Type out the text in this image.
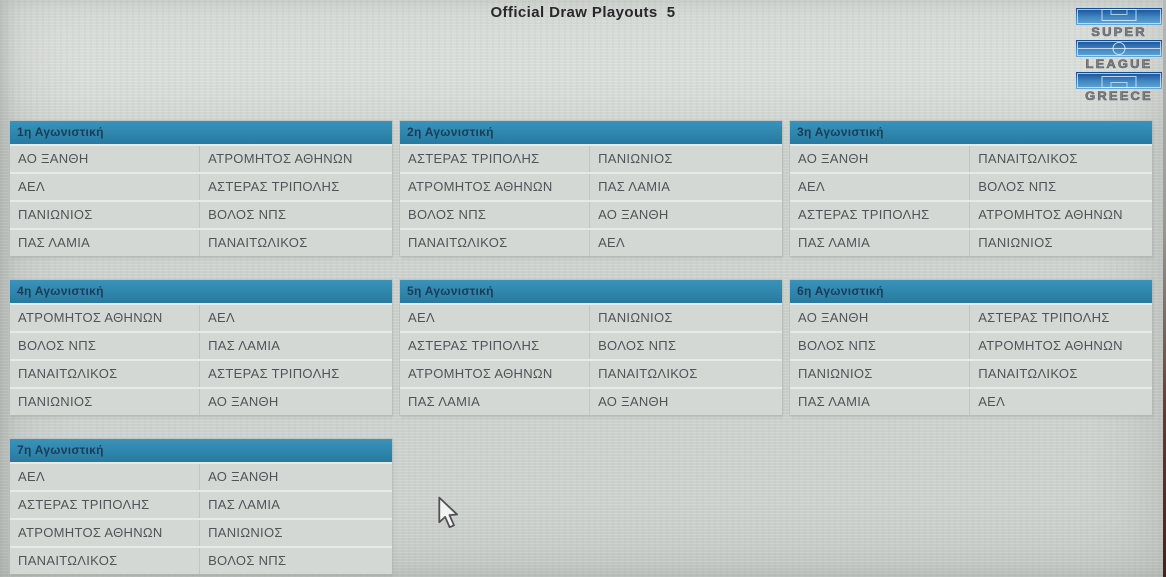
Official Draw Playouts  5
SUPER
LEAGUE
GREECE
1η Αγωνιστική
ΑΟ ΞΑΝΘΗ	ΑΤΡΟΜΗΤΟΣ ΑΘΗΝΩΝ
ΑΕΛ	ΑΣΤΕΡΑΣ ΤΡΙΠΟΛΗΣ
ΠΑΝΙΩΝΙΟΣ	ΒΟΛΟΣ ΝΠΣ
ΠΑΣ ΛΑΜΙΑ	ΠΑΝΑΙΤΩΛΙΚΟΣ
2η Αγωνιστική
ΑΣΤΕΡΑΣ ΤΡΙΠΟΛΗΣ	ΠΑΝΙΩΝΙΟΣ
ΑΤΡΟΜΗΤΟΣ ΑΘΗΝΩΝ	ΠΑΣ ΛΑΜΙΑ
ΒΟΛΟΣ ΝΠΣ	ΑΟ ΞΑΝΘΗ
ΠΑΝΑΙΤΩΛΙΚΟΣ	ΑΕΛ
3η Αγωνιστική
ΑΟ ΞΑΝΘΗ	ΠΑΝΑΙΤΩΛΙΚΟΣ
ΑΕΛ	ΒΟΛΟΣ ΝΠΣ
ΑΣΤΕΡΑΣ ΤΡΙΠΟΛΗΣ	ΑΤΡΟΜΗΤΟΣ ΑΘΗΝΩΝ
ΠΑΣ ΛΑΜΙΑ	ΠΑΝΙΩΝΙΟΣ
4η Αγωνιστική
ΑΤΡΟΜΗΤΟΣ ΑΘΗΝΩΝ	ΑΕΛ
ΒΟΛΟΣ ΝΠΣ	ΠΑΣ ΛΑΜΙΑ
ΠΑΝΑΙΤΩΛΙΚΟΣ	ΑΣΤΕΡΑΣ ΤΡΙΠΟΛΗΣ
ΠΑΝΙΩΝΙΟΣ	ΑΟ ΞΑΝΘΗ
5η Αγωνιστική
ΑΕΛ	ΠΑΝΙΩΝΙΟΣ
ΑΣΤΕΡΑΣ ΤΡΙΠΟΛΗΣ	ΒΟΛΟΣ ΝΠΣ
ΑΤΡΟΜΗΤΟΣ ΑΘΗΝΩΝ	ΠΑΝΑΙΤΩΛΙΚΟΣ
ΠΑΣ ΛΑΜΙΑ	ΑΟ ΞΑΝΘΗ
6η Αγωνιστική
ΑΟ ΞΑΝΘΗ	ΑΣΤΕΡΑΣ ΤΡΙΠΟΛΗΣ
ΒΟΛΟΣ ΝΠΣ	ΑΤΡΟΜΗΤΟΣ ΑΘΗΝΩΝ
ΠΑΝΙΩΝΙΟΣ	ΠΑΝΑΙΤΩΛΙΚΟΣ
ΠΑΣ ΛΑΜΙΑ	ΑΕΛ
7η Αγωνιστική
ΑΕΛ	ΑΟ ΞΑΝΘΗ
ΑΣΤΕΡΑΣ ΤΡΙΠΟΛΗΣ	ΠΑΣ ΛΑΜΙΑ
ΑΤΡΟΜΗΤΟΣ ΑΘΗΝΩΝ	ΠΑΝΙΩΝΙΟΣ
ΠΑΝΑΙΤΩΛΙΚΟΣ	ΒΟΛΟΣ ΝΠΣ
